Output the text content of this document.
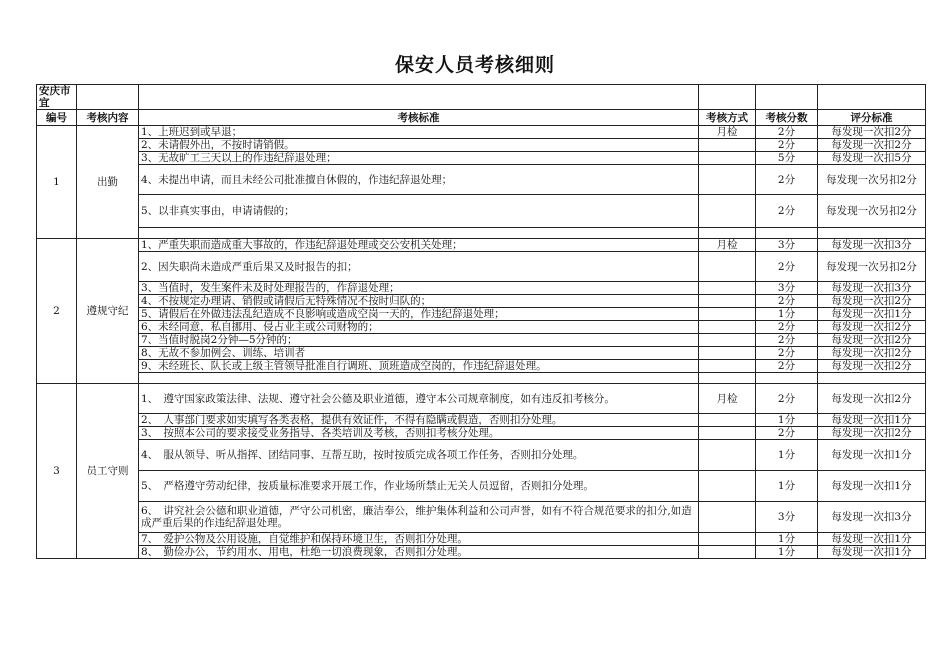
保安人员考核细则
安庆市宜					
编号	考核内容	考核标准	考核方式	考核分数	评分标准
1	出勤	1、上班迟到或早退；	月检	2分	每发现一次扣2分
		2、未请假外出，不按时请销假。		2分	每发现一次扣2分
		3、无故旷工三天以上的作违纪辞退处理；		5分	每发现一次扣5分
		4、未提出申请，而且未经公司批准擅自休假的，作违纪辞退处理；		2分	每发现一次另扣2分
		5、以非真实事由，申请请假的；		2分	每发现一次另扣2分

2	遵规守纪	1、严重失职而造成重大事故的，作违纪辞退处理或交公安机关处理；	月检	3分	每发现一次扣3分
		2、因失职尚未造成严重后果又及时报告的扣；		2分	每发现一次另扣2分
		3、当值时，发生案件未及时处理报告的，作辞退处理；		3分	每发现一次扣3分
		4、不按规定办理请、销假或请假后无特殊情况不按时归队的；		2分	每发现一次扣2分
		5、请假后在外做违法乱纪造成不良影响或造成空岗一天的，作违纪辞退处理；		1分	每发现一次扣1分
		6、未经同意，私自挪用、侵占业主或公司财物的；		2分	每发现一次扣2分
		7、当值时脱岗2分钟—5分钟的；		2分	每发现一次扣2分
		8、无故不参加例会、训练、培训者		2分	每发现一次扣2分
		9、未经班长、队长或上级主管领导批准自行调班、顶班造成空岗的，作违纪辞退处理。		2分	每发现一次扣2分

3	员工守则	1、　遵守国家政策法律、法规、遵守社会公德及职业道德，遵守本公司规章制度，如有违反扣考核分。	月检	2分	每发现一次扣2分
		2、　人事部门要求如实填写各类表格，提供有效证件，不得有隐瞒或假造，否则扣分处理。		1分	每发现一次扣1分
		3、　按照本公司的要求接受业务指导、各类培训及考核，否则扣考核分处理。		2分	每发现一次扣2分
		4、　服从领导、听从指挥、团结同事、互帮互助，按时按质完成各项工作任务，否则扣分处理。		1分	每发现一次扣1分
		5、　严格遵守劳动纪律，按质量标准要求开展工作，作业场所禁止无关人员逗留，否则扣分处理。		1分	每发现一次扣1分
		6、　讲究社会公德和职业道德，严守公司机密，廉洁奉公，维护集体利益和公司声誉，如有不符合规范要求的扣分,如造成严重后果的作违纪辞退处理。		3分	每发现一次扣3分
		7、　爱护公物及公用设施，自觉维护和保持环境卫生，否则扣分处理。		1分	每发现一次扣1分
		8、　勤俭办公，节约用水、用电，杜绝一切浪费现象，否则扣分处理。		1分	每发现一次扣1分
